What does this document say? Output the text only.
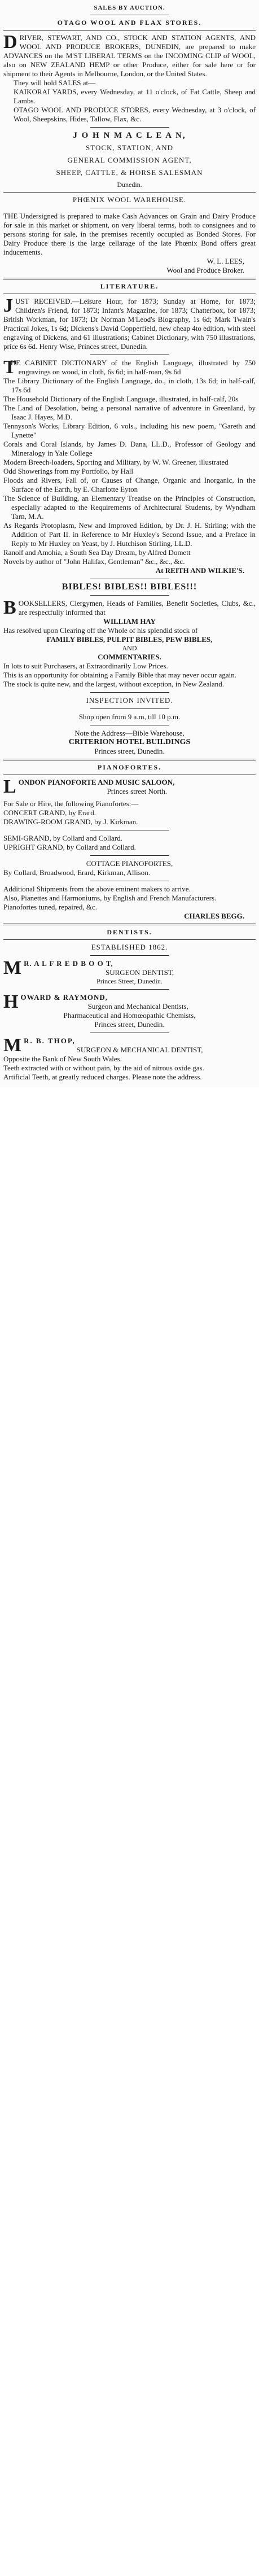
SALES BY AUCTION.
OTAGO WOOL AND FLAX STORES.
D RIVER, STEWART, AND CO., STOCK AND STATION AGENTS, AND WOOL AND PRODUCE BROKERS, DUNEDIN, are prepared to make ADVANCES on the M'ST LIBERAL TERMS on the INCOMING CLIP of WOOL, also on NEW ZEALAND HEMP or other Produce, either for sale here or for shipment to their Agents in Melbourne, London, or the United States.

They will hold SALES at—

KAIKORAI YARDS, every Wednesday, at 11 o'clock, of Fat Cattle, Sheep and Lambs.

OTAGO WOOL AND PRODUCE STORES, every Wednesday, at 3 o'clock, of Wool, Sheepskins, Hides, Tallow, Flax, &c.

J O H N M A C L E A N,
STOCK, STATION, AND
GENERAL COMMISSION AGENT,
SHEEP, CATTLE, & HORSE SALESMAN
Dunedin.
PHŒNIX WOOL WAREHOUSE.

THE Undersigned is prepared to make Cash Advances on Grain and Dairy Produce for sale in this market or shipment, on very liberal terms, both to consignees and to persons storing for sale, in the premises recently occupied as Bonded Stores. For Dairy Produce there is the large cellarage of the late Phœnix Bond offers great inducements.

W. L. LEES,
Wool and Produce Broker.
LITERATURE.
J UST RECEIVED.—Leisure Hour, for 1873; Sunday at Home, for 1873; Children's Friend, for 1873; Infant's Magazine, for 1873; Chatterbox, for 1873; British Workman, for 1873; Dr Norman M'Leod's Biography, 1s 6d; Mark Twain's Practical Jokes, 1s 6d; Dickens's David Copperfield, new cheap 4to edition, with steel engraving of Dickens, and 61 illustrations; Cabinet Dictionary, with 750 illustrations, price 6s 6d. Henry Wise, Princes street, Dunedin.

T

HE CABINET DICTIONARY of the English Language, illustrated by 750 engravings on wood, in cloth, 6s 6d; in half-roan, 9s 6d

The Library Dictionary of the English Language, do., in cloth, 13s 6d; in half-calf, 17s 6d

The Household Dictionary of the English Language, illustrated, in half-calf, 20s

The Land of Desolation, being a personal narrative of adventure in Greenland, by Isaac J. Hayes, M.D.

Tennyson's Works, Library Edition, 6 vols., including his new poem, "Gareth and Lynette"

Corals and Coral Islands, by James D. Dana, LL.D., Professor of Geology and Mineralogy in Yale College

Modern Breech-loaders, Sporting and Military, by W. W. Greener, illustrated

Odd Showerings from my Portfolio, by Hall

Floods and Rivers, Fall of, or Causes of Change, Organic and Inorganic, in the Surface of the Earth, by E. Charlotte Eyton

The Science of Building, an Elementary Treatise on the Principles of Construction, especially adapted to the Requirements of Architectural Students, by Wyndham Tarn, M.A.

As Regards Protoplasm, New and Improved Edition, by Dr. J. H. Stirling; with the Addition of Part II. in Reference to Mr Huxley's Second Issue, and a Preface in Reply to Mr Huxley on Yeast, by J. Hutchison Stirling, LL.D.

Ranolf and Amohia, a South Sea Day Dream, by Alfred Domett

Novels by author of "John Halifax, Gentleman" &c., &c., &c.

At REITH AND WILKIE'S.
BIBLES! BIBLES!! BIBLES!!!
B OOKSELLERS, Clergymen, Heads of Families, Benefit Societies, Clubs, &c., are respectfully informed that

WILLIAM HAY

Has resolved upon Clearing off the Whole of his splendid stock of

FAMILY BIBLES, PULPIT BIBLES, PEW BIBLES,

AND

COMMENTARIES.

In lots to suit Purchasers, at Extraordinarily Low Prices.

This is an opportunity for obtaining a Family Bible that may never occur again.

The stock is quite new, and the largest, without exception, in New Zealand.

INSPECTION INVITED.

Shop open from 9 a.m, till 10 p.m.

Note the Address—Bible Warehouse,

CRITERION HOTEL BUILDINGS

Princes street, Dunedin.

PIANOFORTES.
L ONDON PIANOFORTE AND MUSIC SALOON,

Princes street North.

For Sale or Hire, the following Pianofortes:—

CONCERT GRAND, by Erard.

DRAWING-ROOM GRAND, by J. Kirkman.

SEMI-GRAND, by Collard and Collard.

UPRIGHT GRAND, by Collard and Collard.

COTTAGE PIANOFORTES,

By Collard, Broadwood, Erard, Kirkman, Allison.

Additional Shipments from the above eminent makers to arrive.

Also, Pianettes and Harmoniums, by English and French Manufacturers.

Pianofortes tuned, repaired, &c.

CHARLES BEGG.
DENTISTS.
ESTABLISHED 1862.
M R. A L F R E D B O O T,

SURGEON DENTIST,

Princes Street, Dunedin.

H OWARD & RAYMOND,

Surgeon and Mechanical Dentists,

Pharmaceutical and Homœopathic Chemists,

Princes street, Dunedin.

M R. B. THOP,

SURGEON & MECHANICAL DENTIST,

Opposite the Bank of New South Wales.

Teeth extracted with or without pain, by the aid of nitrous oxide gas.

Artificial Teeth, at greatly reduced charges. Please note the address.
